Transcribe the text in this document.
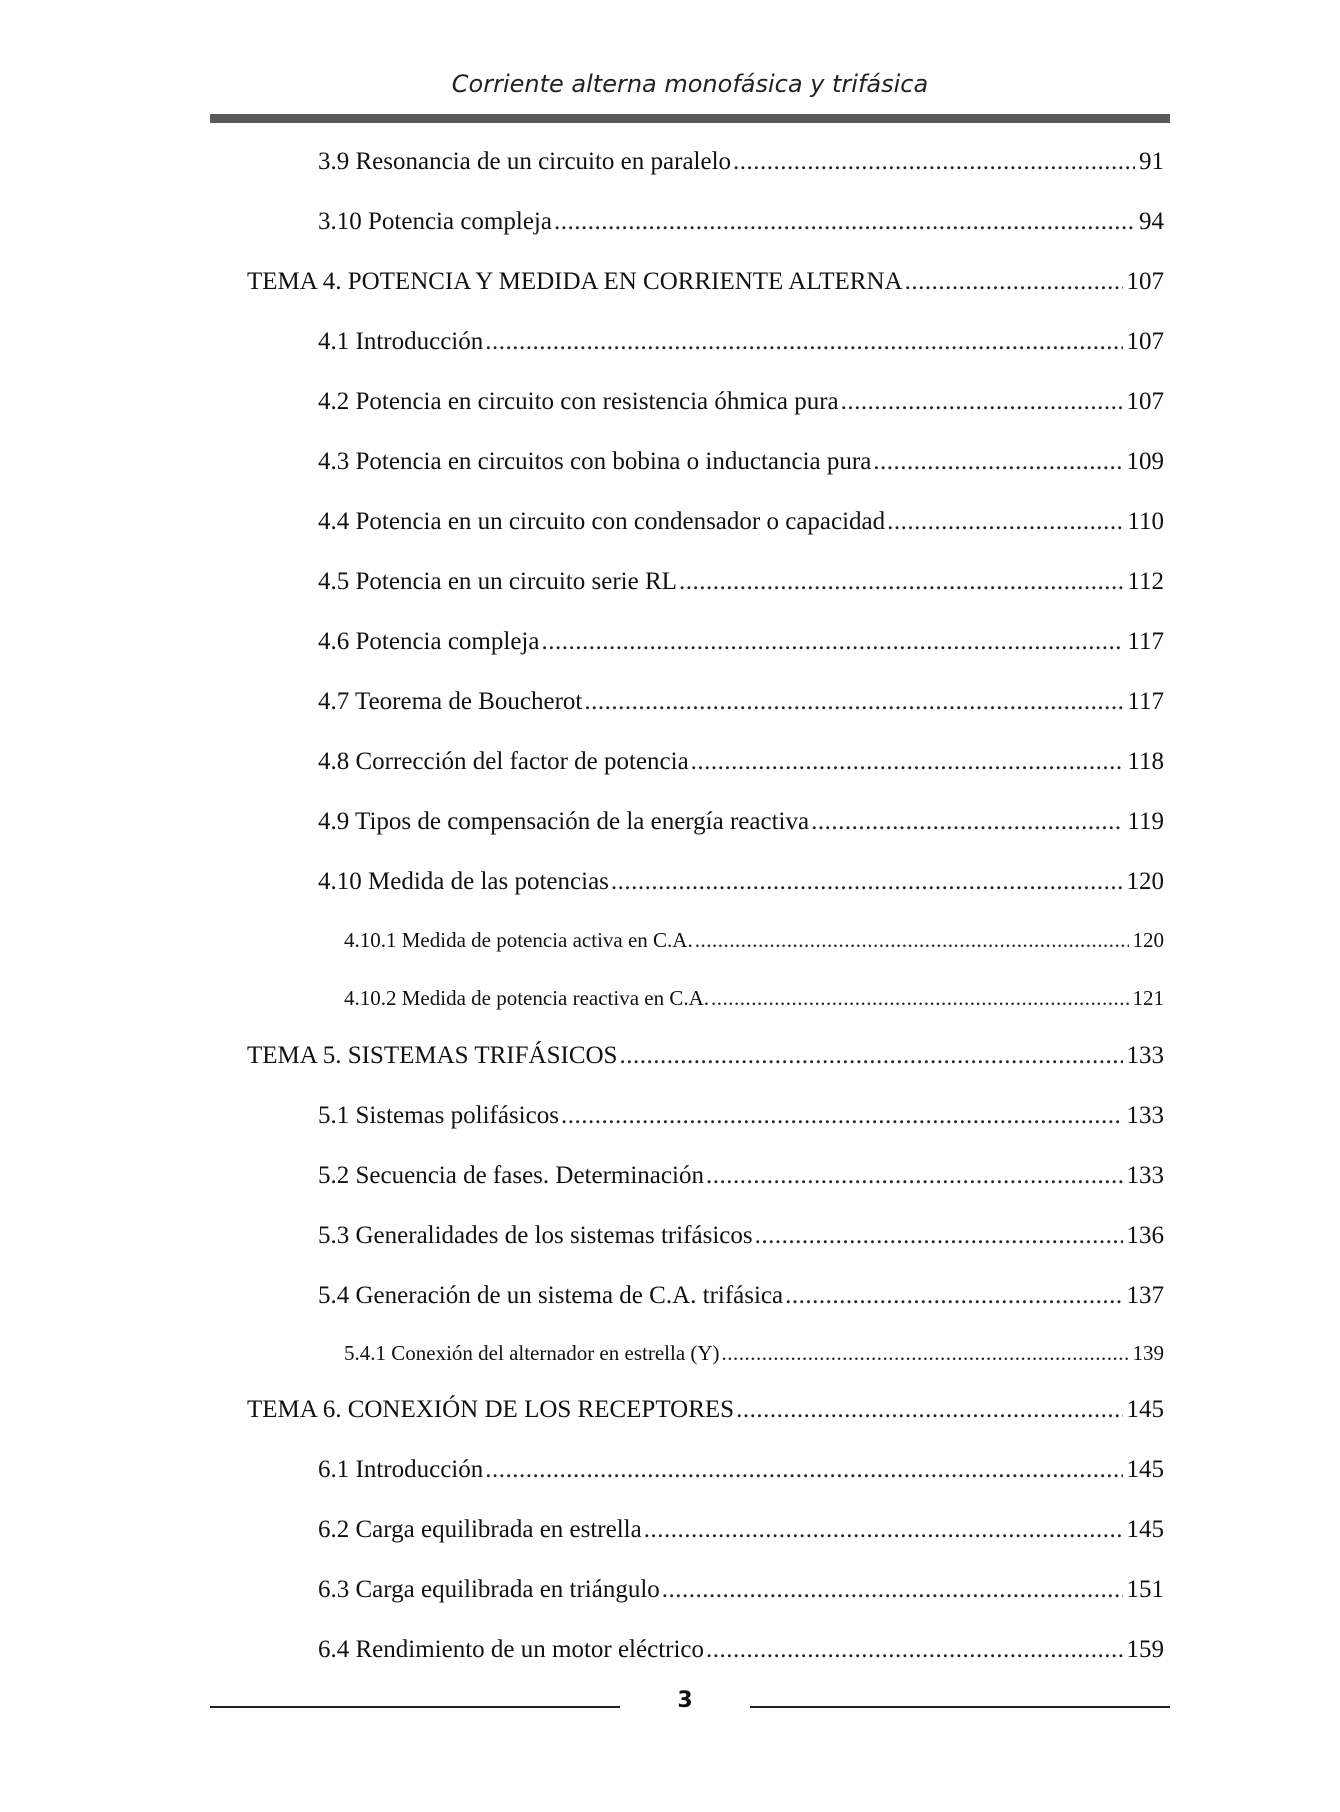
Corriente alterna monofásica y trifásica
3.9 Resonancia de un circuito en paralelo .....	91
3.10 Potencia compleja .....	94
TEMA 4. POTENCIA Y MEDIDA EN CORRIENTE ALTERNA .....	107
4.1 Introducción .....	107
4.2 Potencia en circuito con resistencia óhmica pura .....	107
4.3 Potencia en circuitos con bobina o inductancia pura .....	109
4.4 Potencia en un circuito con condensador o capacidad .....	110
4.5 Potencia en un circuito serie RL .....	112
4.6 Potencia compleja .....	117
4.7 Teorema de Boucherot .....	117
4.8 Corrección del factor de potencia .....	118
4.9 Tipos de compensación de la energía reactiva .....	119
4.10 Medida de las potencias .....	120
4.10.1 Medida de potencia activa en C.A. .....	120
4.10.2 Medida de potencia reactiva en C.A. .....	121
TEMA 5. SISTEMAS TRIFÁSICOS .....	133
5.1 Sistemas polifásicos .....	133
5.2 Secuencia de fases. Determinación .....	133
5.3 Generalidades de los sistemas trifásicos .....	136
5.4 Generación de un sistema de C.A. trifásica .....	137
5.4.1 Conexión del alternador en estrella (Y) .....	139
TEMA 6. CONEXIÓN DE LOS RECEPTORES .....	145
6.1 Introducción .....	145
6.2 Carga equilibrada en estrella .....	145
6.3 Carga equilibrada en triángulo .....	151
6.4 Rendimiento de un motor eléctrico .....	159
3
